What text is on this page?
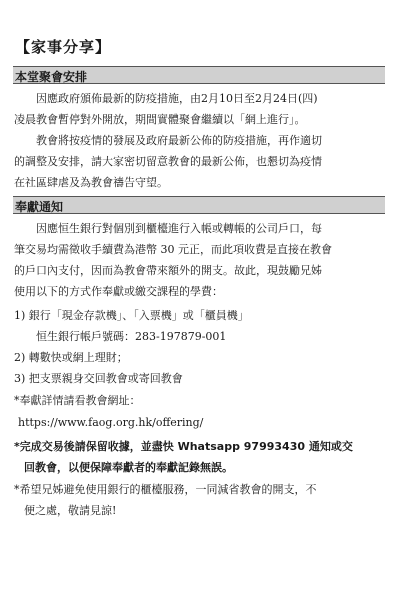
【家事分享】
本堂聚會安排
因應政府頒佈最新的防疫措施，由2月10日至2月24日(四)
凌晨教會暫停對外開放，期間實體聚會繼續以「網上進行」。
教會將按疫情的發展及政府最新公佈的防疫措施，再作適切
的調整及安排，請大家密切留意教會的最新公佈，也懇切為疫情
在社區肆虐及為教會禱告守望。
奉獻通知
因應恒生銀行對個別到櫃檯進行入帳或轉帳的公司戶口，每
筆交易均需徵收手續費為港幣 30 元正，而此項收費是直接在教會
的戶口內支付，因而為教會帶來額外的開支。故此，現鼓勵兄姊
使用以下的方式作奉獻或繳交課程的學費：
1) 銀行「現金存款機」、「入票機」或「櫃員機」
恒生銀行帳戶號碼：283-197879-001
2) 轉數快或網上理財；
3) 把支票親身交回教會或寄回教會
*奉獻詳情請看教會網址：
https://www.faog.org.hk/offering/
*完成交易後請保留收據，並盡快 Whatsapp 97993430 通知或交
回教會，以便保障奉獻者的奉獻記錄無誤。
*希望兄姊避免使用銀行的櫃檯服務，一同減省教會的開支，不
便之處，敬請見諒!
